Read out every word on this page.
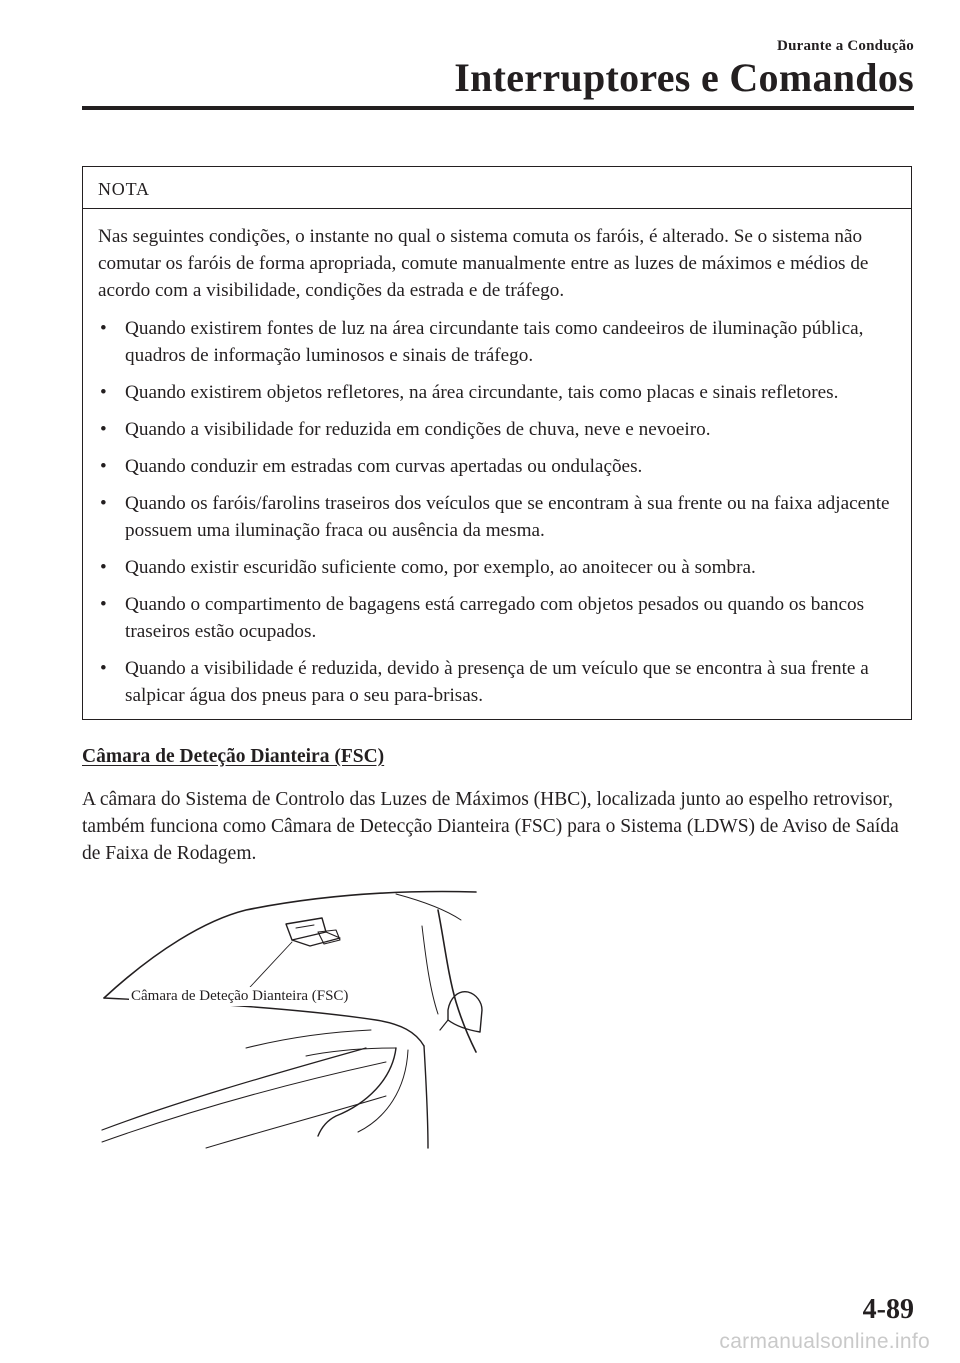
Durante a Condução
Interruptores e Comandos
NOTA

Nas seguintes condições, o instante no qual o sistema comuta os faróis, é alterado. Se o sistema não comutar os faróis de forma apropriada, comute manualmente entre as luzes de máximos e médios de acordo com a visibilidade, condições da estrada e de tráfego.

• Quando existirem fontes de luz na área circundante tais como candeeiros de iluminação pública, quadros de informação luminosos e sinais de tráfego.
• Quando existirem objetos refletores, na área circundante, tais como placas e sinais refletores.
• Quando a visibilidade for reduzida em condições de chuva, neve e nevoeiro.
• Quando conduzir em estradas com curvas apertadas ou ondulações.
• Quando os faróis/farolins traseiros dos veículos que se encontram à sua frente ou na faixa adjacente possuem uma iluminação fraca ou ausência da mesma.
• Quando existir escuridão suficiente como, por exemplo, ao anoitecer ou à sombra.
• Quando o compartimento de bagagens está carregado com objetos pesados ou quando os bancos traseiros estão ocupados.
• Quando a visibilidade é reduzida, devido à presença de um veículo que se encontra à sua frente a salpicar água dos pneus para o seu para-brisas.
Câmara de Deteção Dianteira (FSC)

A câmara do Sistema de Controlo das Luzes de Máximos (HBC), localizada junto ao espelho retrovisor, também funciona como Câmara de Detecção Dianteira (FSC) para o Sistema (LDWS) de Aviso de Saída de Faixa de Rodagem.

Câmara de Deteção Dianteira (FSC)
4-89
carmanualsonline.info
